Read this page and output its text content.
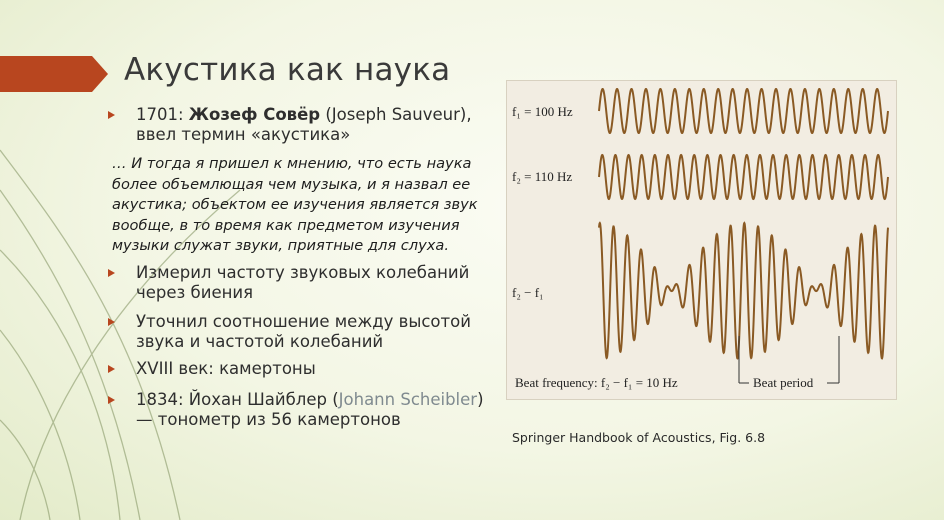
Акустика как наука
1701: Жозеф Совёр (Joseph Sauveur),
ввел термин «акустика»
… И тогда я пришел к мнению, что есть наука более объемлющая чем музыка, и я назвал ее акустика; объектом ее изучения является звук вообще, в то время как предметом изучения музыки служат звуки, приятные для слуха.
Измерил частоту звуковых колебаний через биения
Уточнил соотношение между высотой звука и частотой колебаний
XVIII век: камертоны
1834: Йохан Шайблер (Johann Scheibler) — тонометр из 56 камертонов
f₁ = 100 Hz
f₂ = 110 Hz
f₂ − f₁
Beat period
Beat frequency: f₂ − f₁ = 10 Hz
Springer Handbook of Acoustics, Fig. 6.8
